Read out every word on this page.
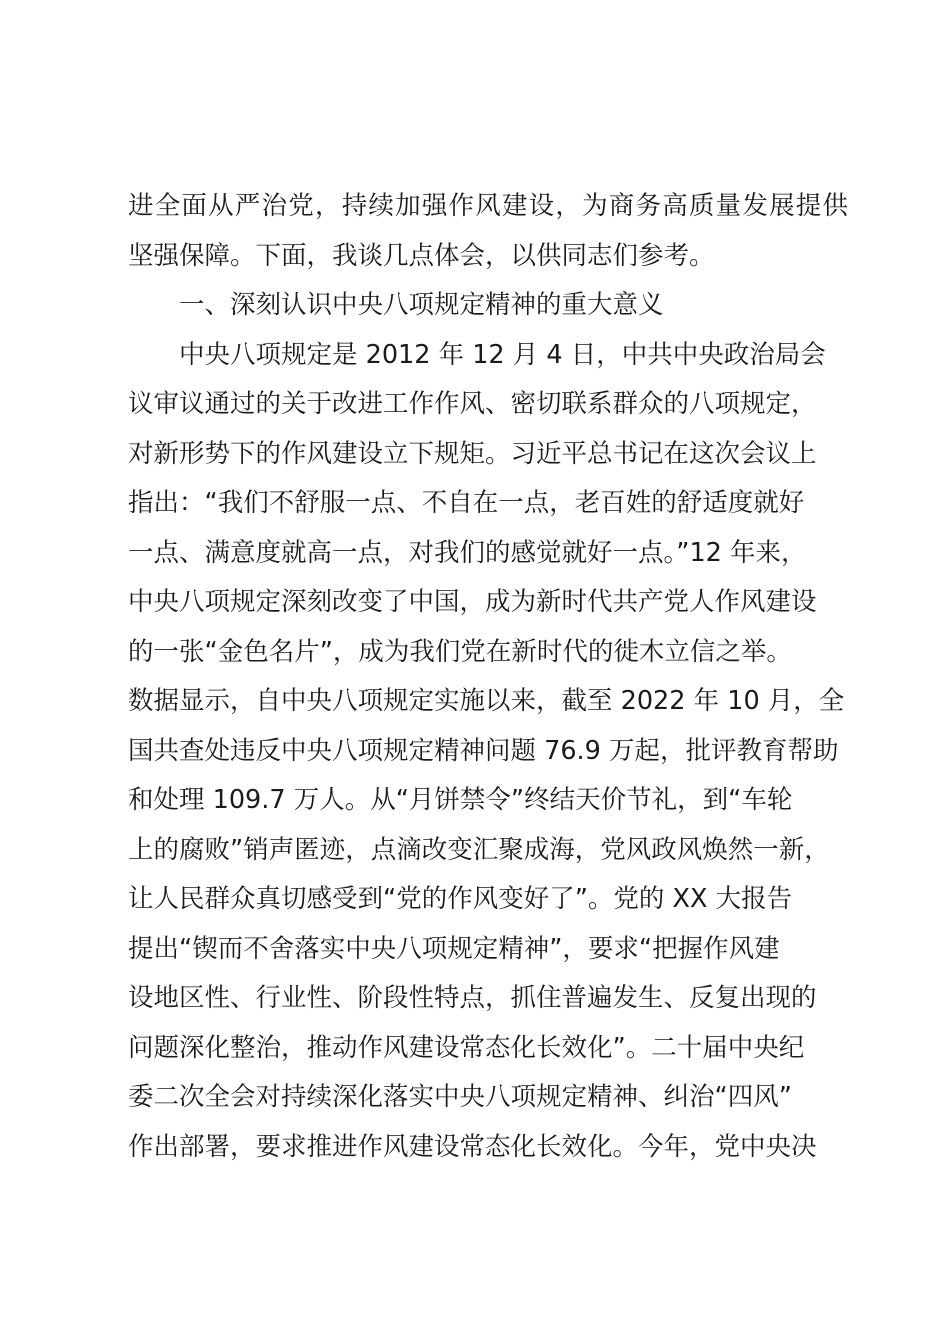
进全面从严治党，持续加强作风建设，为商务高质量发展提供
坚强保障。下面，我谈几点体会，以供同志们参考。
一、深刻认识中央八项规定精神的重大意义
中央八项规定是 2012 年 12 月 4 日，中共中央政治局会
议审议通过的关于改进工作作风、密切联系群众的八项规定，
对新形势下的作风建设立下规矩。习近平总书记在这次会议上
指出：“我们不舒服一点、不自在一点，老百姓的舒适度就好
一点、满意度就高一点，对我们的感觉就好一点。”12 年来，
中央八项规定深刻改变了中国，成为新时代共产党人作风建设
的一张“金色名片”，成为我们党在新时代的徙木立信之举。
数据显示，自中央八项规定实施以来，截至 2022 年 10 月，全
国共查处违反中央八项规定精神问题 76.9 万起，批评教育帮助
和处理 109.7 万人。从“月饼禁令”终结天价节礼，到“车轮
上的腐败”销声匿迹，点滴改变汇聚成海，党风政风焕然一新，
让人民群众真切感受到“党的作风变好了”。党的 XX 大报告
提出“锲而不舍落实中央八项规定精神”，要求“把握作风建
设地区性、行业性、阶段性特点，抓住普遍发生、反复出现的
问题深化整治，推动作风建设常态化长效化”。二十届中央纪
委二次全会对持续深化落实中央八项规定精神、纠治“四风”
作出部署，要求推进作风建设常态化长效化。今年，党中央决
